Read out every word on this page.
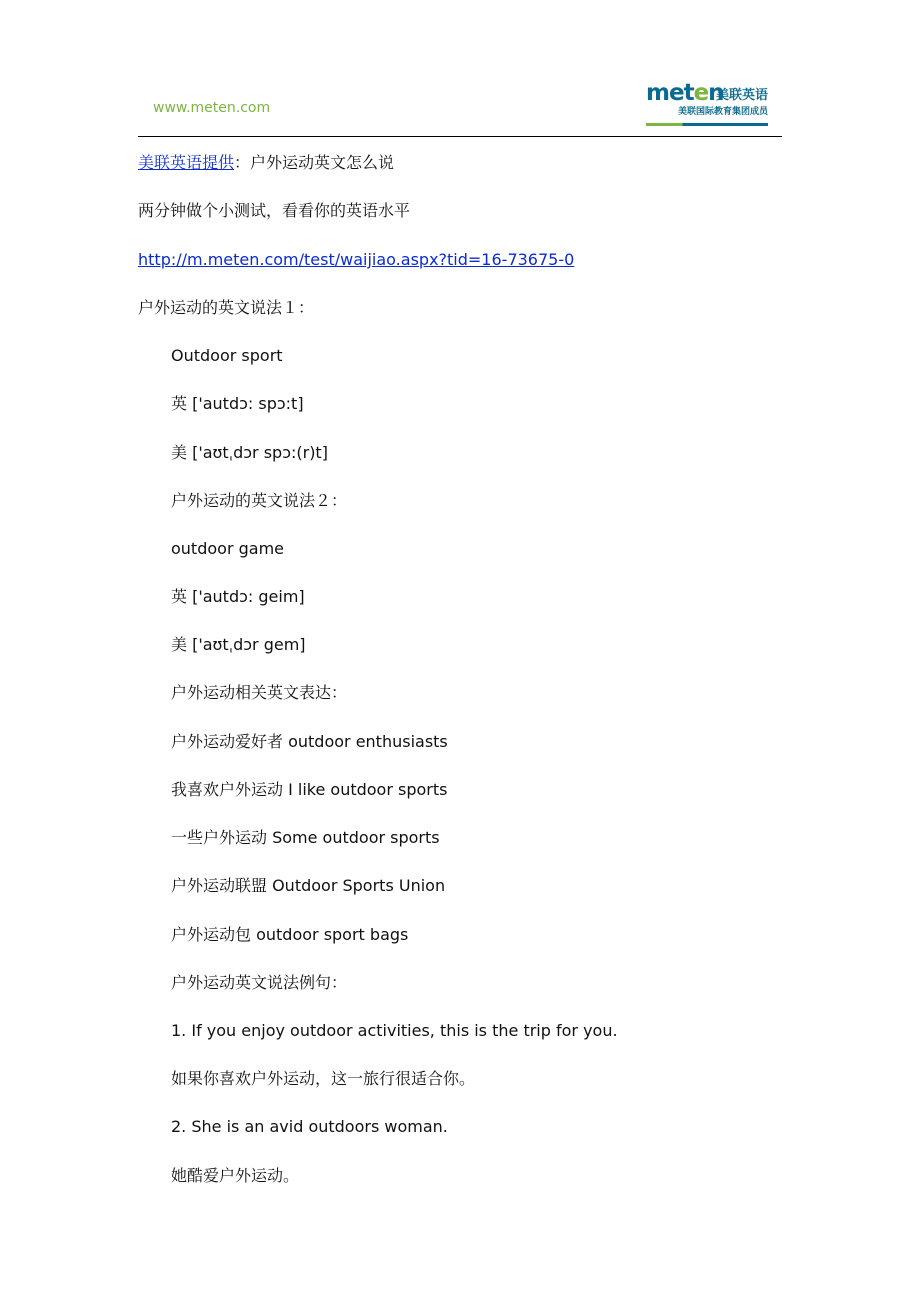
www.meten.com
meten
美联英语
美联国际教育集团成员
美联英语提供：户外运动英文怎么说
两分钟做个小测试，看看你的英语水平
http://m.meten.com/test/waijiao.aspx?tid=16-73675-0
户外运动的英文说法１：
Outdoor sport
英 ['autdɔ: spɔ:t]
美 ['aʊtˌdɔr spɔ:(r)t]
户外运动的英文说法２：
outdoor game
英 ['autdɔ: geim]
美 ['aʊtˌdɔr gem]
户外运动相关英文表达：
户外运动爱好者 outdoor enthusiasts
我喜欢户外运动 I like outdoor sports
一些户外运动 Some outdoor sports
户外运动联盟 Outdoor Sports Union
户外运动包 outdoor sport bags
户外运动英文说法例句：
1. If you enjoy outdoor activities, this is the trip for you.
如果你喜欢户外运动，这一旅行很适合你。
2. She is an avid outdoors woman.
她酷爱户外运动。
